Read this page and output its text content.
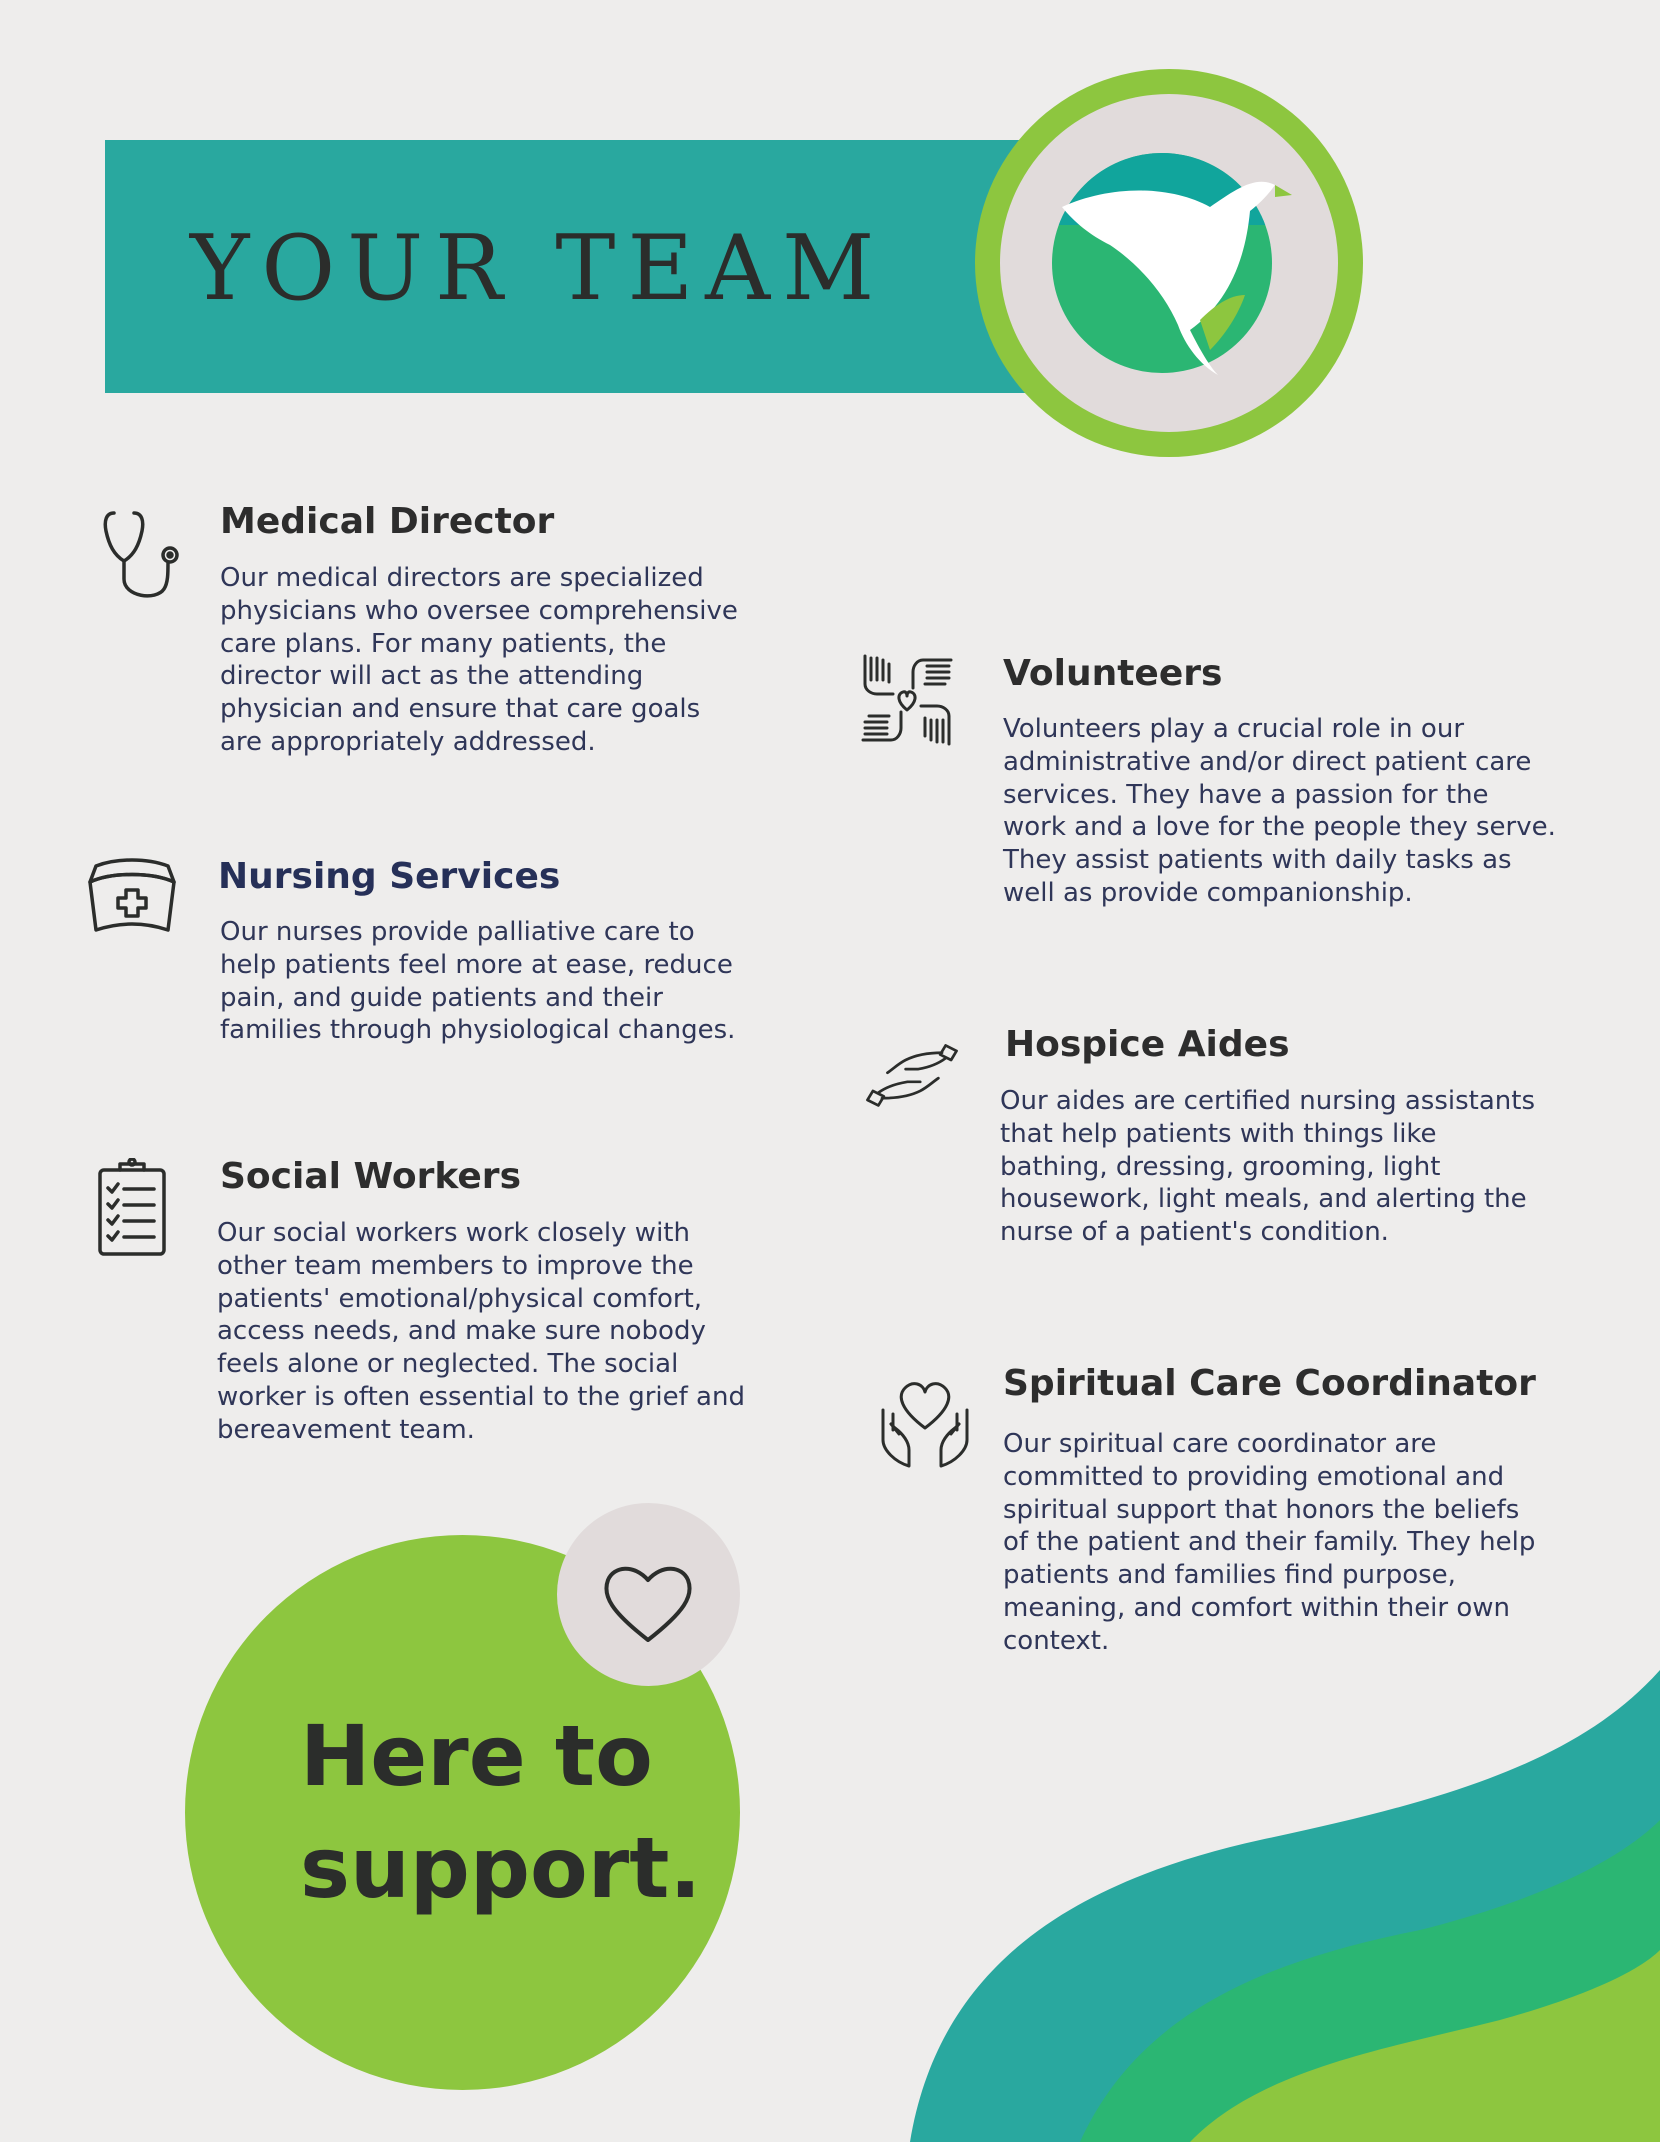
YOUR TEAM
Medical Director

Our medical directors are specialized physicians who oversee comprehensive care plans. For many patients, the director will act as the attending physician and ensure that care goals are appropriately addressed.

Nursing Services

Our nurses provide palliative care to help patients feel more at ease, reduce pain, and guide patients and their families through physiological changes.

Social Workers

Our social workers work closely with other team members to improve the patients' emotional/physical comfort, access needs, and make sure nobody feels alone or neglected. The social worker is often essential to the grief and bereavement team.

Volunteers

Volunteers play a crucial role in our administrative and/or direct patient care services. They have a passion for the work and a love for the people they serve. They assist patients with daily tasks as well as provide companionship.

Hospice Aides

Our aides are certified nursing assistants that help patients with things like bathing, dressing, grooming, light housework, light meals, and alerting the nurse of a patient's condition.

Spiritual Care Coordinator

Our spiritual care coordinator are committed to providing emotional and spiritual support that honors the beliefs of the patient and their family. They help patients and families find purpose, meaning, and comfort within their own context.

Here to support.
